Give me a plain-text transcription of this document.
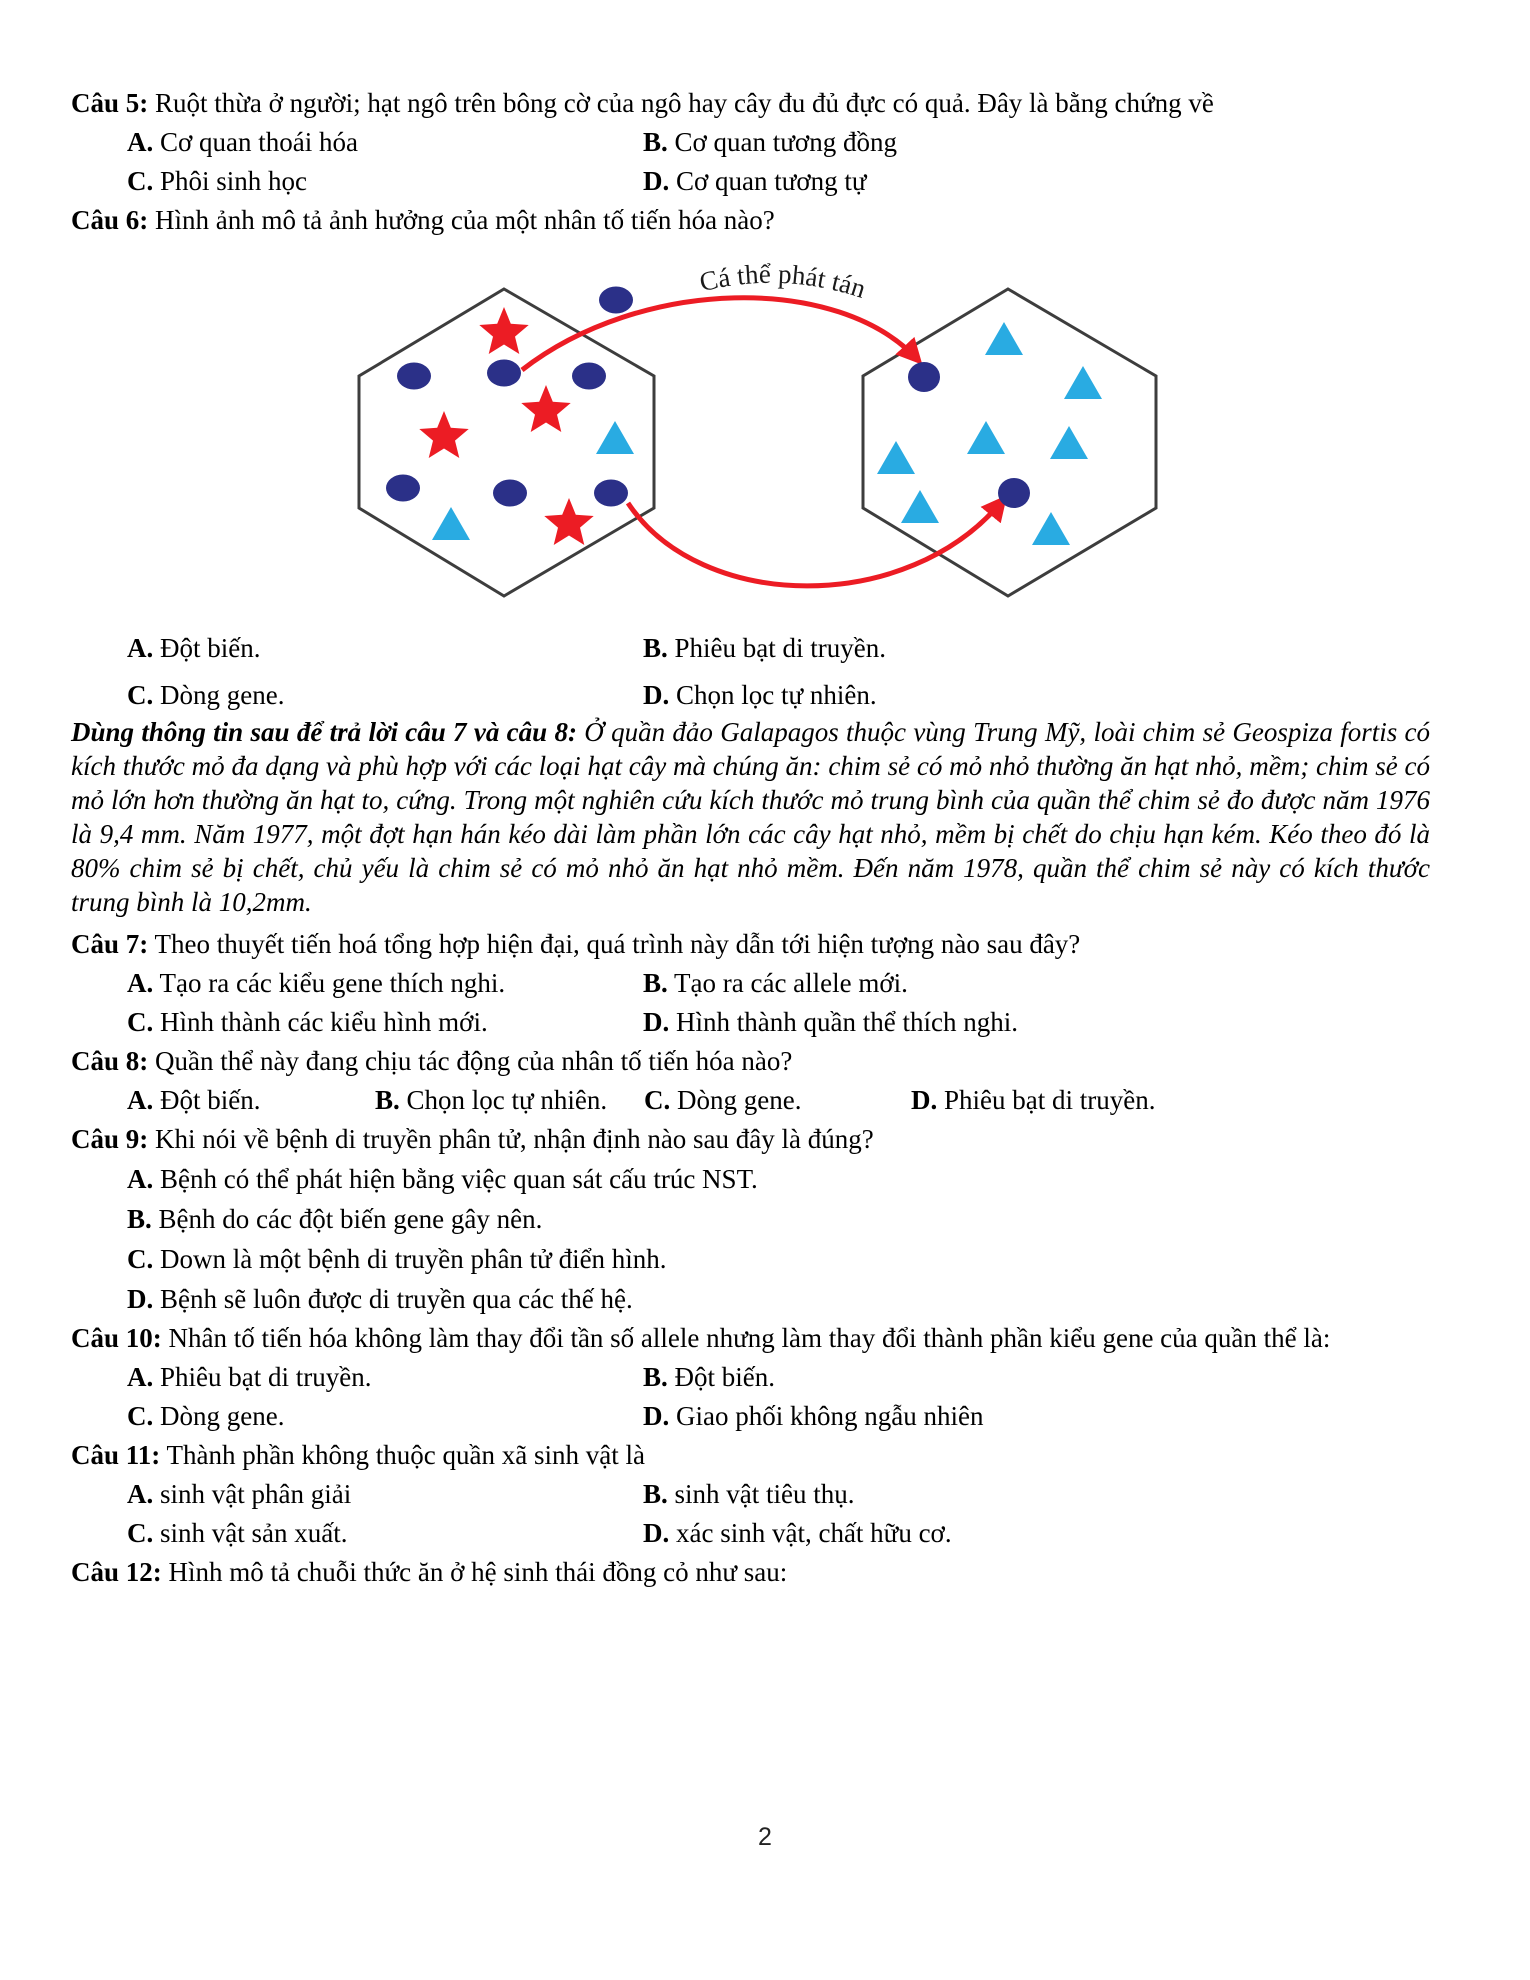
Câu 5: Ruột thừa ở người; hạt ngô trên bông cờ của ngô hay cây đu đủ đực có quả. Đây là bằng chứng về
A. Cơ quan thoái hóa	B. Cơ quan tương đồng
C. Phôi sinh học	D. Cơ quan tương tự
Câu 6: Hình ảnh mô tả ảnh hưởng của một nhân tố tiến hóa nào?
Cá thể phát tán
A. Đột biến.	B. Phiêu bạt di truyền.
C. Dòng gene.	D. Chọn lọc tự nhiên.
Dùng thông tin sau để trả lời câu 7 và câu 8: Ở quần đảo Galapagos thuộc vùng Trung Mỹ, loài chim sẻ Geospiza fortis có kích thước mỏ đa dạng và phù hợp với các loại hạt cây mà chúng ăn: chim sẻ có mỏ nhỏ thường ăn hạt nhỏ, mềm; chim sẻ có mỏ lớn hơn thường ăn hạt to, cứng. Trong một nghiên cứu kích thước mỏ trung bình của quần thể chim sẻ đo được năm 1976 là 9,4 mm. Năm 1977, một đợt hạn hán kéo dài làm phần lớn các cây hạt nhỏ, mềm bị chết do chịu hạn kém. Kéo theo đó là 80% chim sẻ bị chết, chủ yếu là chim sẻ có mỏ nhỏ ăn hạt nhỏ mềm. Đến năm 1978, quần thể chim sẻ này có kích thước trung bình là 10,2mm.
Câu 7: Theo thuyết tiến hoá tổng hợp hiện đại, quá trình này dẫn tới hiện tượng nào sau đây?
A. Tạo ra các kiểu gene thích nghi.	B. Tạo ra các allele mới.
C. Hình thành các kiểu hình mới.	D. Hình thành quần thể thích nghi.
Câu 8: Quần thể này đang chịu tác động của nhân tố tiến hóa nào?
A. Đột biến.	B. Chọn lọc tự nhiên.	C. Dòng gene.	D. Phiêu bạt di truyền.
Câu 9: Khi nói về bệnh di truyền phân tử, nhận định nào sau đây là đúng?
A. Bệnh có thể phát hiện bằng việc quan sát cấu trúc NST.
B. Bệnh do các đột biến gene gây nên.
C. Down là một bệnh di truyền phân tử điển hình.
D. Bệnh sẽ luôn được di truyền qua các thế hệ.
Câu 10: Nhân tố tiến hóa không làm thay đổi tần số allele nhưng làm thay đổi thành phần kiểu gene của quần thể là:
A. Phiêu bạt di truyền.	B. Đột biến.
C. Dòng gene.	D. Giao phối không ngẫu nhiên
Câu 11: Thành phần không thuộc quần xã sinh vật là
A. sinh vật phân giải	B. sinh vật tiêu thụ.
C. sinh vật sản xuất.	D. xác sinh vật, chất hữu cơ.
Câu 12: Hình mô tả chuỗi thức ăn ở hệ sinh thái đồng cỏ như sau:
2
